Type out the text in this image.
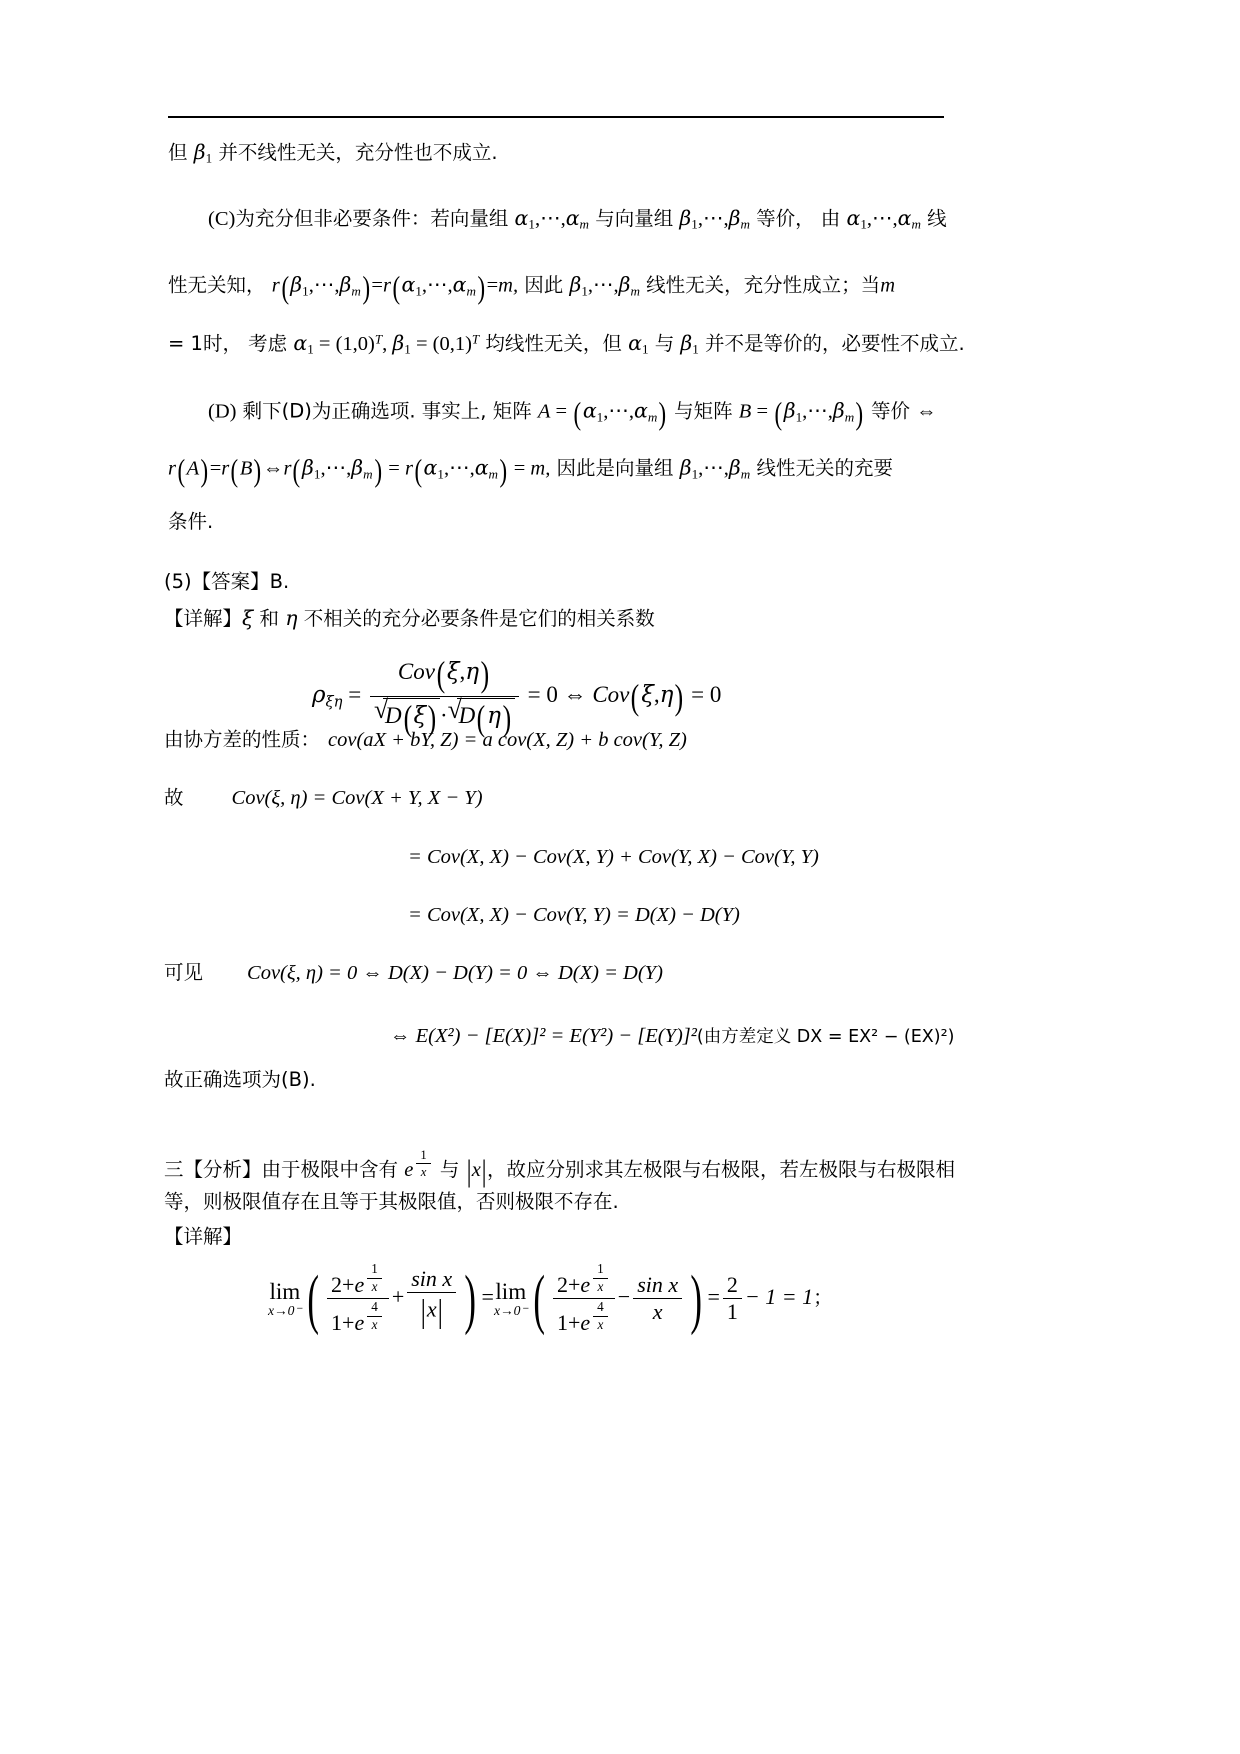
但 $\beta_1$ 并不线性无关，充分性也不成立.
(C)为充分但非必要条件：若向量组 $\alpha_1,\cdots,\alpha_m$ 与向量组 $\beta_1,\cdots,\beta_m$ 等价， 由 $\alpha_1,\cdots,\alpha_m$ 线
性无关知， $r(\beta_1,\cdots,\beta_m)=r(\alpha_1,\cdots,\alpha_m)=m$, 因此 $\beta_1,\cdots,\beta_m$ 线性无关，充分性成立；当m
= 1时， 考虑 $\alpha_1 = (1,0)^T$, $\beta_1 = (0,1)^T$ 均线性无关，但 $\alpha_1$ 与 $\beta_1$ 并不是等价的，必要性不成立.
(D) 剩下(D)为正确选项. 事实上, 矩阵 $A = (\alpha_1,\cdots,\alpha_m)$ 与矩阵 $B = (\beta_1,\cdots,\beta_m)$ 等价 ⇔
$r(A)=r(B)\Leftrightarrow r(\beta_1,\cdots,\beta_m)$ = $r(\alpha_1,\cdots,\alpha_m) = m$, 因此是向量组 $\beta_1,\cdots,\beta_m$ 线性无关的充要
条件.
(5)【答案】B.
【详解】ξ 和 η 不相关的充分必要条件是它们的相关系数
$\rho_{\xi\eta} = Cov(\xi,\eta)$
√ D(ξ) · √ D(η) = 0 ⇔ Cov(ξ,η) = 0
由协方差的性质： cov(aX + bY, Z) = a cov(X, Z) + b cov(Y, Z)
故 Cov(ξ, η) = Cov(X + Y, X − Y)
= Cov(X, X) − Cov(X, Y) + Cov(Y, X) − Cov(Y, Y)
= Cov(X, X) − Cov(Y, Y) = D(X) − D(Y)
可见 Cov(ξ, η) = 0 ⇔ D(X) − D(Y) = 0 ⇔ D(X) = D(Y)
⇔ E(X²) − [E(X)]² = E(Y²) − [E(Y)]²(由方差定义 DX = EX² − (EX)²)
故正确选项为(B).
三【分析】由于极限中含有 e $\frac{1}{x}$ 与 |x|，故应分别求其左极限与右极限，若左极限与右极限相
等，则极限值存在且等于其极限值，否则极限不存在.
【详解】
lim
x→0⁻ ( $\frac{2+e \frac{1}{x}}{1+e \frac{4}{x}} + \frac{\text{sin x}}{|x|}$ ) = lim
x→0⁻ ( $\frac{2+e \frac{1}{x}}{1+e \frac{4}{x}} - \frac{\text{sin x}}{x}$ ) = $\frac{2}{1} - 1 = 1$；
